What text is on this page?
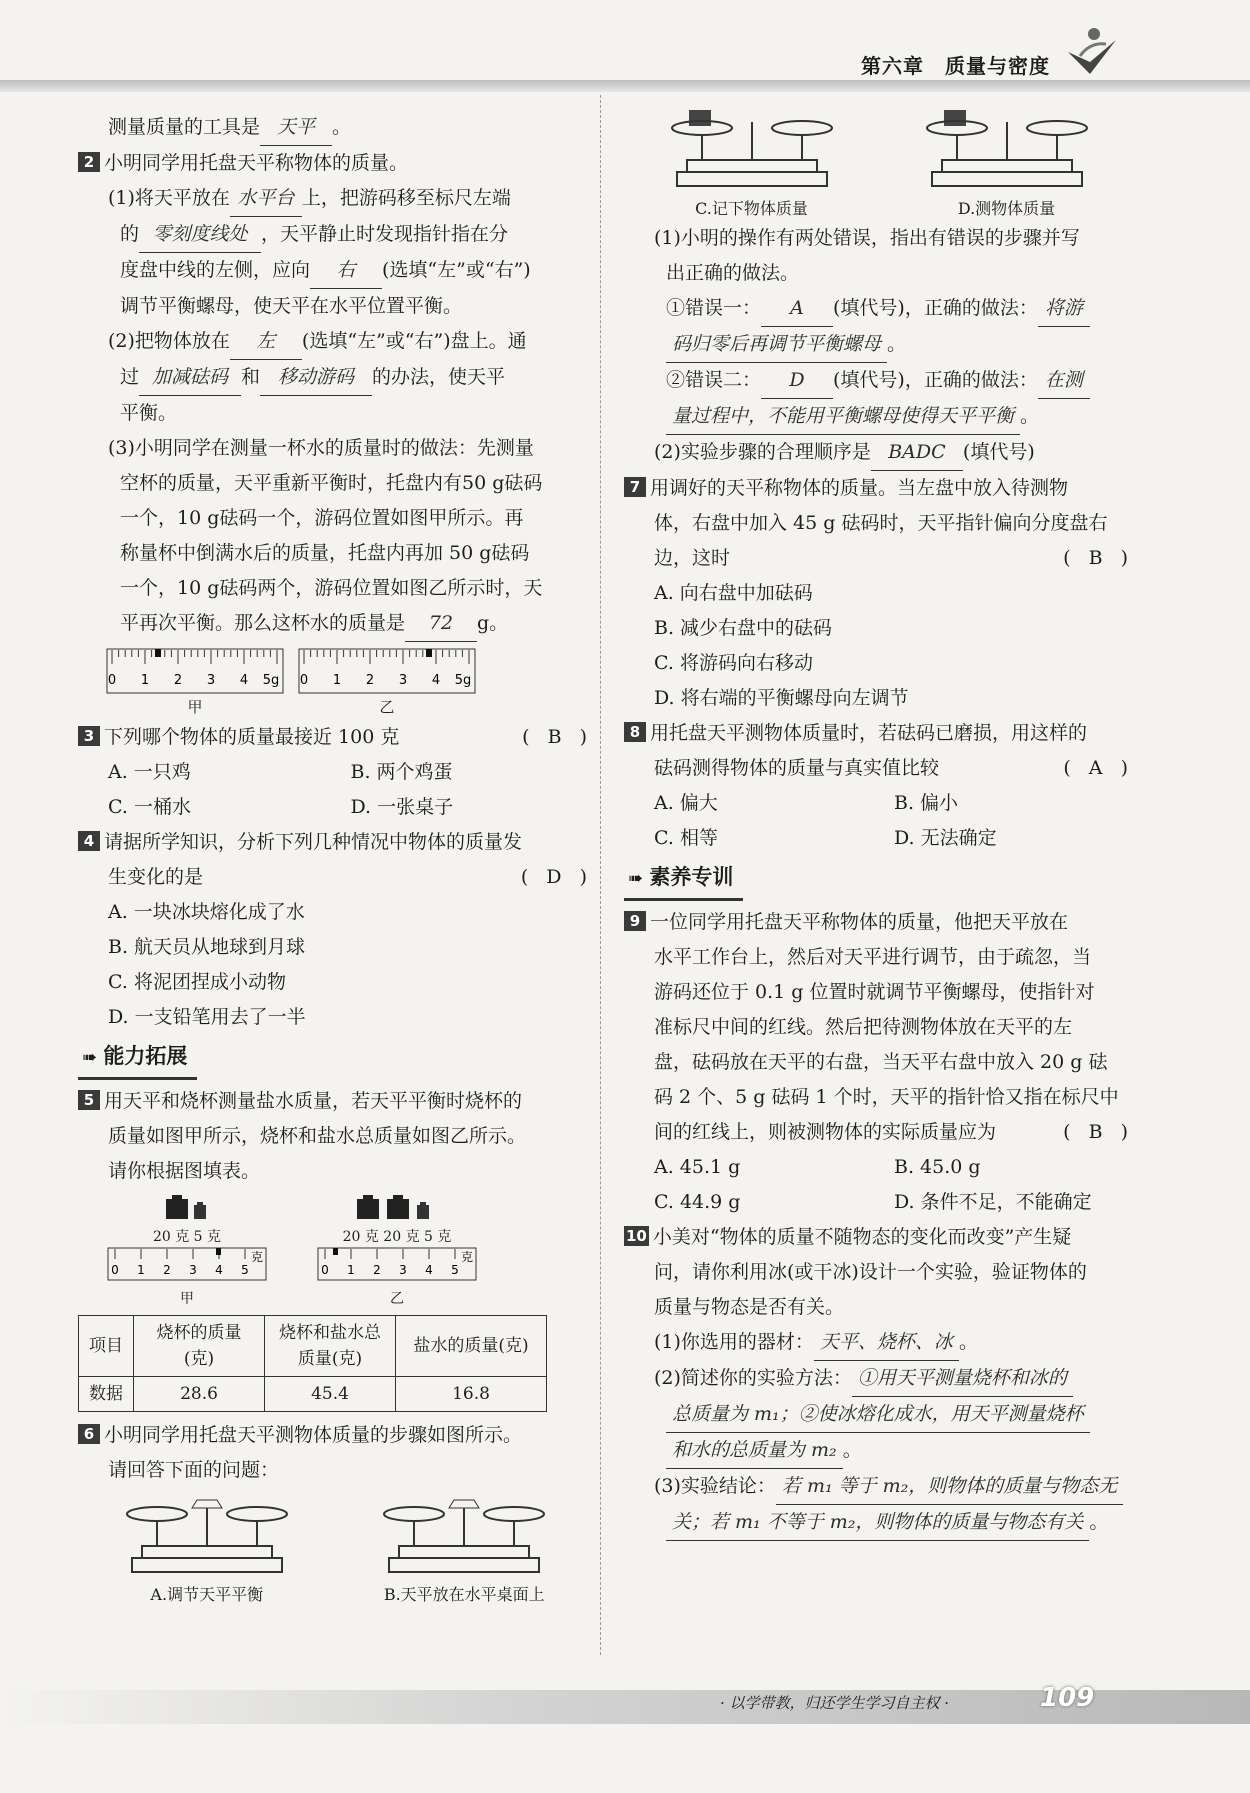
第六章　质量与密度

测量质量的工具是 天平 。

2 小明同学用托盘天平称物体的质量。

(1)将天平放在 水平台 上，把游码移至标尺左端

的 零刻度线处 ，天平静止时发现指针指在分

度盘中线的左侧，应向 右 (选填“左”或“右”)

调节平衡螺母，使天平在水平位置平衡。

(2)把物体放在 左 (选填“左”或“右”)盘上。通

过 加减砝码 和 移动游码 的办法，使天平

平衡。

(3)小明同学在测量一杯水的质量时的做法：先测量

空杯的质量，天平重新平衡时，托盘内有50 g砝码

一个，10 g砝码一个，游码位置如图甲所示。再

称量杯中倒满水后的质量，托盘内再加 50 g砝码

一个，10 g砝码两个，游码位置如图乙所示时，天

平再次平衡。那么这杯水的质量是 72 g。

0 1 2 3 4 5g
甲
0 1 2 3 4 5g
乙

3 下列哪个物体的质量最接近 100 克	( B )

A. 一只鸡	B. 两个鸡蛋
C. 一桶水	D. 一张桌子

4 请据所学知识，分析下列几种情况中物体的质量发

生变化的是	( D )

A. 一块冰块熔化成了水

B. 航天员从地球到月球

C. 将泥团捏成小动物

D. 一支铅笔用去了一半

➠ 能力拓展

5 用天平和烧杯测量盐水质量，若天平平衡时烧杯的

质量如图甲所示，烧杯和盐水总质量如图乙所示。

请你根据图填表。

20 克 5 克
0 1 2 3 4 5
克
甲
20 克 20 克 5 克
0 1 2 3 4 5
克
乙
项目	烧杯的质量(克)	烧杯和盐水总质量(克)	盐水的质量(克)
数据	28.6	45.4	16.8

6 小明同学用托盘天平测物体质量的步骤如图所示。

请回答下面的问题：

A.调节天平平衡	B.天平放在水平桌面上
C.记下物体质量	D.测物体质量

(1)小明的操作有两处错误，指出有错误的步骤并写

出正确的做法。

①错误一： A (填代号)，正确的做法： 将游

码归零后再调节平衡螺母 。

②错误二： D (填代号)，正确的做法： 在测

量过程中，不能用平衡螺母使得天平平衡 。

(2)实验步骤的合理顺序是 BADC (填代号)

7 用调好的天平称物体的质量。当左盘中放入待测物

体，右盘中加入 45 g 砝码时，天平指针偏向分度盘右

边，这时	( B )

A. 向右盘中加砝码

B. 减少右盘中的砝码

C. 将游码向右移动

D. 将右端的平衡螺母向左调节

8 用托盘天平测物体质量时，若砝码已磨损，用这样的

砝码测得物体的质量与真实值比较	( A )

A. 偏大	B. 偏小
C. 相等	D. 无法确定
➠ 素养专训

9 一位同学用托盘天平称物体的质量，他把天平放在

水平工作台上，然后对天平进行调节，由于疏忽，当

游码还位于 0.1 g 位置时就调节平衡螺母，使指针对

准标尺中间的红线。然后把待测物体放在天平的左

盘，砝码放在天平的右盘，当天平右盘中放入 20 g 砝

码 2 个、5 g 砝码 1 个时，天平的指针恰又指在标尺中

间的红线上，则被测物体的实际质量应为	( B )

A. 45.1 g	B. 45.0 g
C. 44.9 g	D. 条件不足，不能确定

10 小美对“物体的质量不随物态的变化而改变”产生疑

问，请你利用冰(或干冰)设计一个实验，验证物体的

质量与物态是否有关。

(1)你选用的器材： 天平、烧杯、冰 。

(2)简述你的实验方法： ①用天平测量烧杯和冰的

总质量为 m₁；②使冰熔化成水，用天平测量烧杯

和水的总质量为 m₂ 。

(3)实验结论： 若 m₁ 等于 m₂，则物体的质量与物态无

关；若 m₁ 不等于 m₂，则物体的质量与物态有关 。

· 以学带教，归还学生学习自主权 ·	109
